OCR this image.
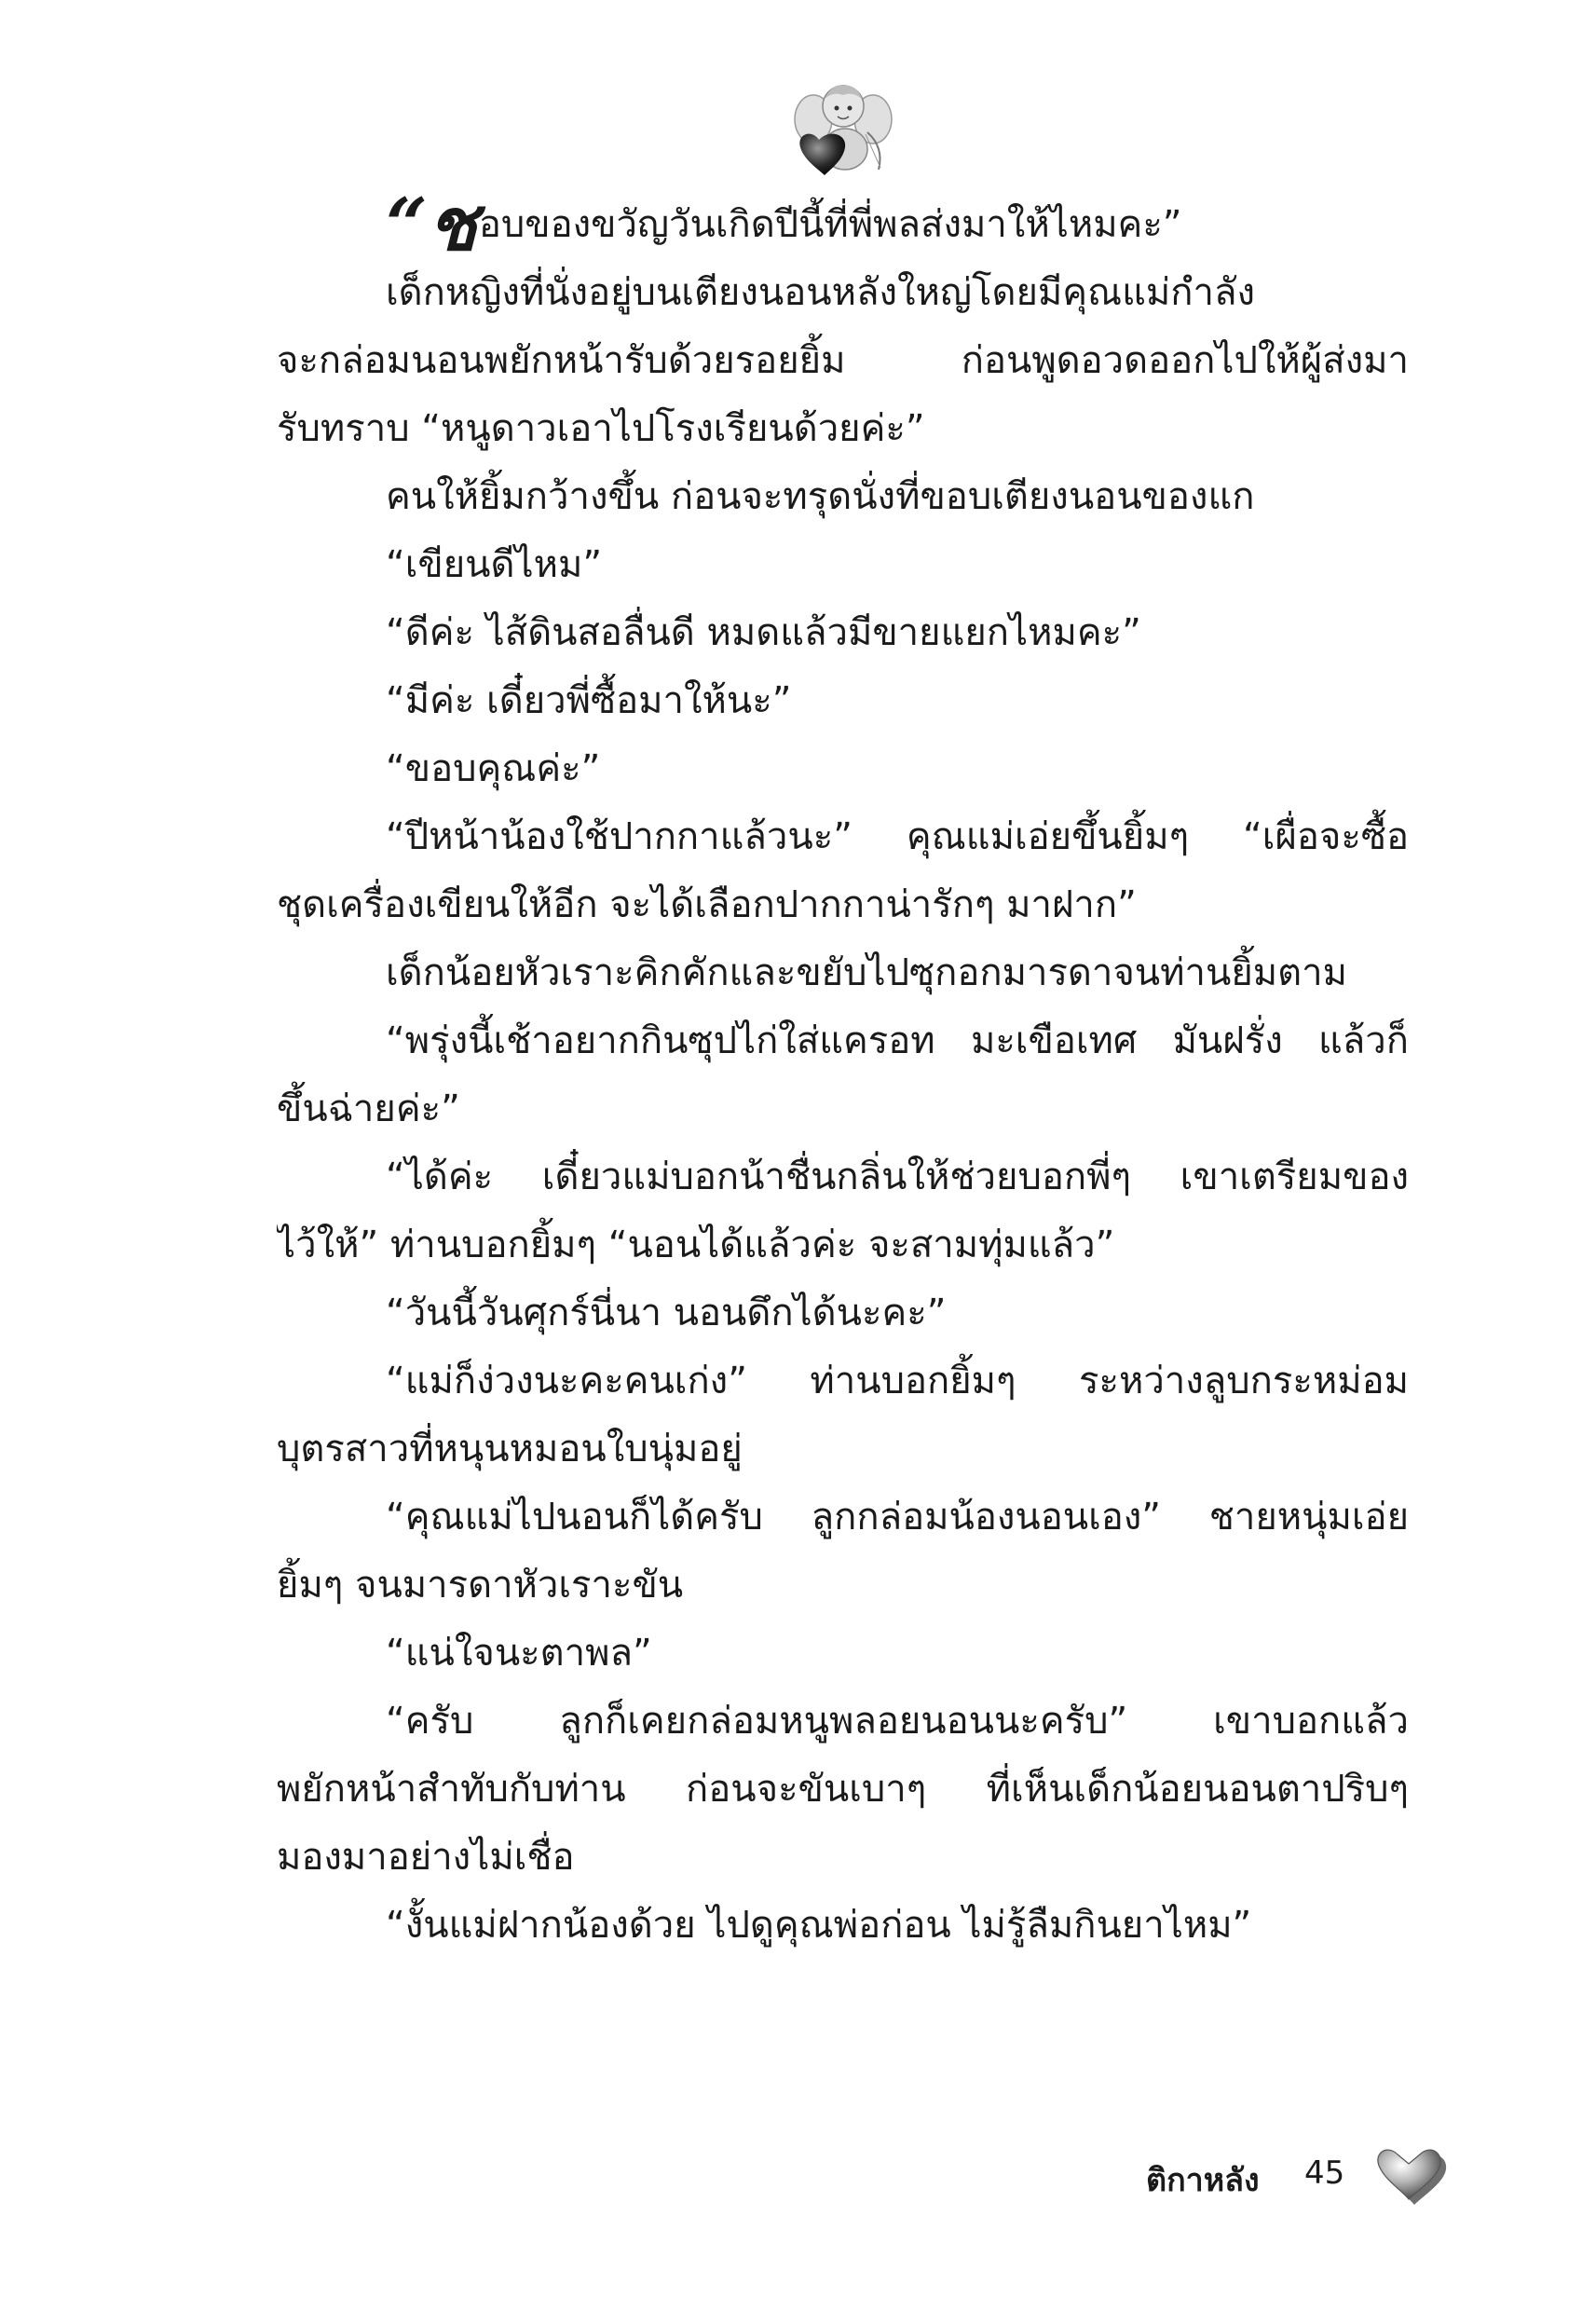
“ชอบของขวัญวันเกิดปีนี้ที่พี่พลส่งมาให้ไหมคะ”
เด็กหญิงที่นั่งอยู่บนเตียงนอนหลังใหญ่โดยมีคุณแม่กำลัง
จะกล่อมนอนพยักหน้ารับด้วยรอยยิ้ม ก่อนพูดอวดออกไปให้ผู้ส่งมา
รับทราบ “หนูดาวเอาไปโรงเรียนด้วยค่ะ”
คนให้ยิ้มกว้างขึ้น ก่อนจะทรุดนั่งที่ขอบเตียงนอนของแก
“เขียนดีไหม”
“ดีค่ะ ไส้ดินสอลื่นดี หมดแล้วมีขายแยกไหมคะ”
“มีค่ะ เดี๋ยวพี่ซื้อมาให้นะ”
“ขอบคุณค่ะ”
“ปีหน้าน้องใช้ปากกาแล้วนะ” คุณแม่เอ่ยขึ้นยิ้มๆ “เผื่อจะซื้อ
ชุดเครื่องเขียนให้อีก จะได้เลือกปากกาน่ารักๆ มาฝาก”
เด็กน้อยหัวเราะคิกคักและขยับไปซุกอกมารดาจนท่านยิ้มตาม
“พรุ่งนี้เช้าอยากกินซุปไก่ใส่แครอท มะเขือเทศ มันฝรั่ง แล้วก็
ขึ้นฉ่ายค่ะ”
“ได้ค่ะ เดี๋ยวแม่บอกน้าชื่นกลิ่นให้ช่วยบอกพี่ๆ เขาเตรียมของ
ไว้ให้” ท่านบอกยิ้มๆ “นอนได้แล้วค่ะ จะสามทุ่มแล้ว”
“วันนี้วันศุกร์นี่นา นอนดึกได้นะคะ”
“แม่ก็ง่วงนะคะคนเก่ง” ท่านบอกยิ้มๆ ระหว่างลูบกระหม่อม
บุตรสาวที่หนุนหมอนใบนุ่มอยู่
“คุณแม่ไปนอนก็ได้ครับ ลูกกล่อมน้องนอนเอง” ชายหนุ่มเอ่ย
ยิ้มๆ จนมารดาหัวเราะขัน
“แน่ใจนะตาพล”
“ครับ ลูกก็เคยกล่อมหนูพลอยนอนนะครับ” เขาบอกแล้ว
พยักหน้าสำทับกับท่าน ก่อนจะขันเบาๆ ที่เห็นเด็กน้อยนอนตาปริบๆ
มองมาอย่างไม่เชื่อ
“งั้นแม่ฝากน้องด้วย ไปดูคุณพ่อก่อน ไม่รู้ลืมกินยาไหม”
ติกาหลัง 45
